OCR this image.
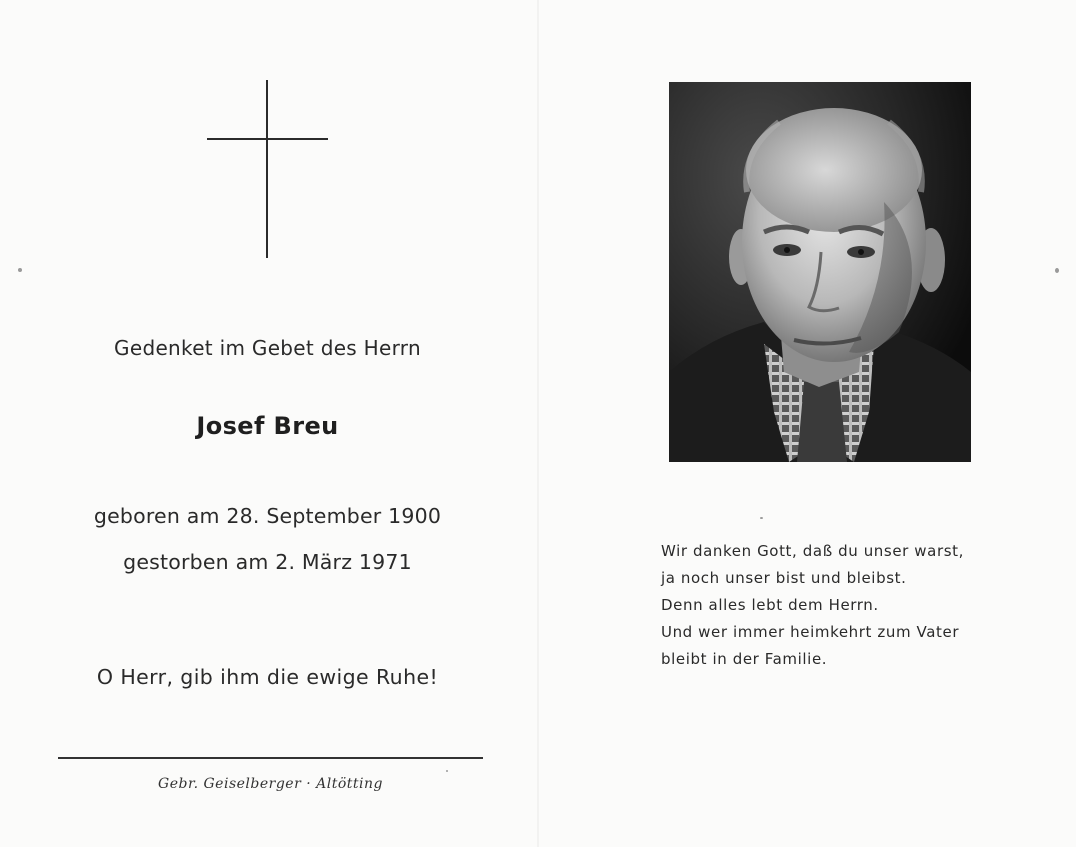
Gedenket im Gebet des Herrn
Josef Breu
geboren am 28. September 1900
gestorben am 2. März 1971
O Herr, gib ihm die ewige Ruhe!
Gebr. Geiselberger · Altötting
Wir danken Gott, daß du unser warst,
ja noch unser bist und bleibst.
Denn alles lebt dem Herrn.
Und wer immer heimkehrt zum Vater
bleibt in der Familie.
